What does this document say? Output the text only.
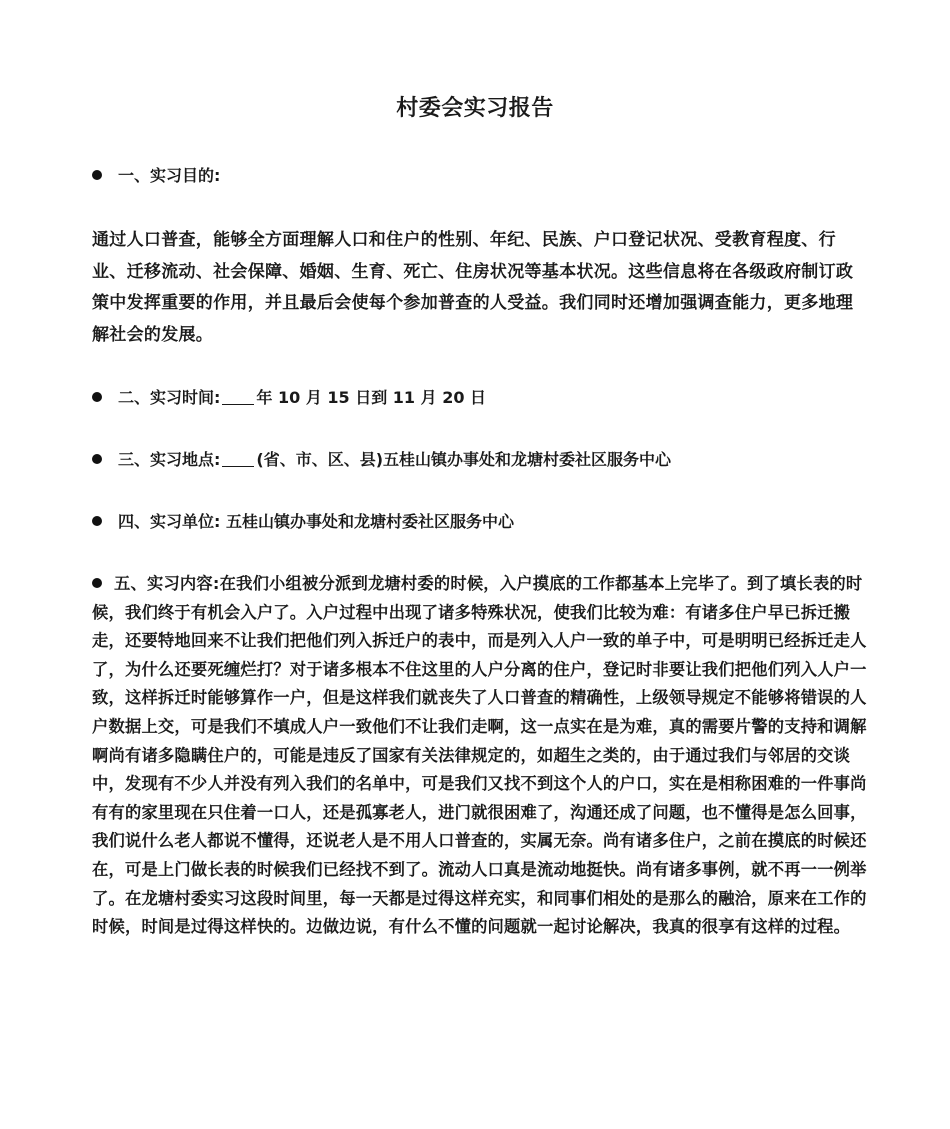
村委会实习报告
一、实习目的:
通过人口普查，能够全方面理解人口和住户的性别、年纪、民族、户口登记状况、受教育程度、行业、迁移流动、社会保障、婚姻、生育、死亡、住房状况等基本状况。这些信息将在各级政府制订政策中发挥重要的作用，并且最后会使每个参加普查的人受益。我们同时还增加强调查能力，更多地理解社会的发展。
二、实习时间: 年 10 月 15 日到 11 月 20 日
三、实习地点: (省、市、区、县)五桂山镇办事处和龙塘村委社区服务中心
四、实习单位: 五桂山镇办事处和龙塘村委社区服务中心
五、实习内容:在我们小组被分派到龙塘村委的时候，入户摸底的工作都基本上完毕了。到了填长表的时候，我们终于有机会入户了。入户过程中出现了诸多特殊状况，使我们比较为难：有诸多住户早已拆迁搬走，还要特地回来不让我们把他们列入拆迁户的表中，而是列入人户一致的单子中，可是明明已经拆迁走人了，为什么还要死缠烂打？对于诸多根本不住这里的人户分离的住户，登记时非要让我们把他们列入人户一致，这样拆迁时能够算作一户，但是这样我们就丧失了人口普查的精确性，上级领导规定不能够将错误的人户数据上交，可是我们不填成人户一致他们不让我们走啊，这一点实在是为难，真的需要片警的支持和调解啊尚有诸多隐瞒住户的，可能是违反了国家有关法律规定的，如超生之类的，由于通过我们与邻居的交谈中，发现有不少人并没有列入我们的名单中，可是我们又找不到这个人的户口，实在是相称困难的一件事尚有有的家里现在只住着一口人，还是孤寡老人，进门就很困难了，沟通还成了问题，也不懂得是怎么回事，我们说什么老人都说不懂得，还说老人是不用人口普查的，实属无奈。尚有诸多住户，之前在摸底的时候还在，可是上门做长表的时候我们已经找不到了。流动人口真是流动地挺快。尚有诸多事例，就不再一一例举了。在龙塘村委实习这段时间里，每一天都是过得这样充实，和同事们相处的是那么的融洽，原来在工作的时候，时间是过得这样快的。边做边说，有什么不懂的问题就一起讨论解决，我真的很享有这样的过程。
